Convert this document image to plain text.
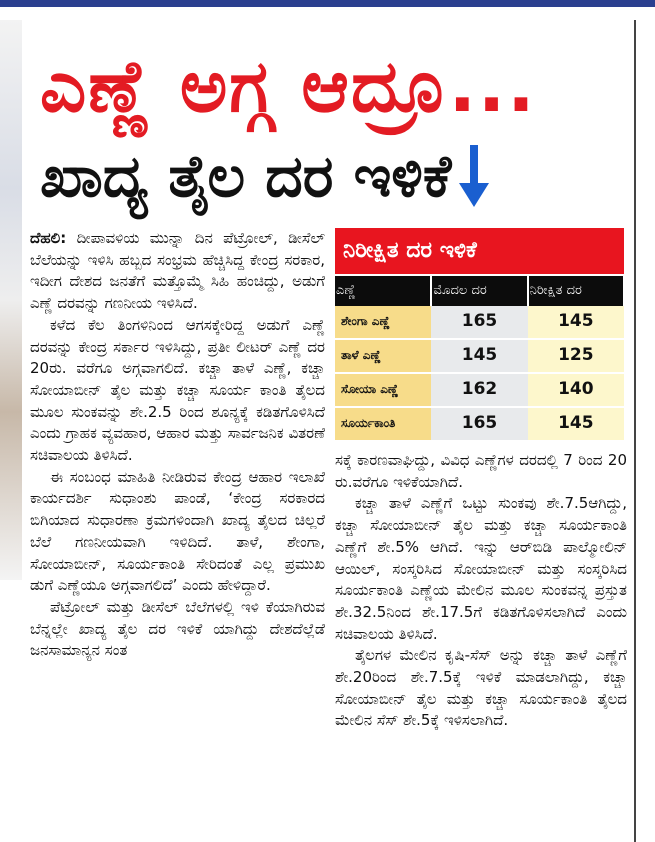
ಎಣ್ಣೆ ಅಗ್ಗ ಆದ್ರೂ...
ಖಾದ್ಯ ತೈಲ ದರ ಇಳಿಕೆ

ದೆಹಲಿ: ದೀಪಾವಳಿಯ ಮುನ್ನಾ ದಿನ ಪೆಟ್ರೋಲ್, ಡೀಸೆಲ್ ಬೆಲೆಯನ್ನು ಇಳಿಸಿ ಹಬ್ಬದ ಸಂಭ್ರಮ ಹೆಚ್ಚಿಸಿದ್ದ ಕೇಂದ್ರ ಸರಕಾರ, ಇದೀಗ ದೇಶದ ಜನತೆಗೆ ಮತ್ತೊಮ್ಮೆ ಸಿಹಿ ಹಂಚಿದ್ದು, ಅಡುಗೆ ಎಣ್ಣೆ ದರವನ್ನು ಗಣನೀಯ ಇಳಿಸಿದೆ.

ಕಳೆದ ಕೆಲ ತಿಂಗಳಿನಿಂದ ಆಗಸಕ್ಕೇರಿದ್ದ ಅಡುಗೆ ಎಣ್ಣೆ ದರವನ್ನು ಕೇಂದ್ರ ಸರ್ಕಾರ ಇಳಿಸಿದ್ದು, ಪ್ರತೀ ಲೀಟರ್ ಎಣ್ಣೆ ದರ 20ರು. ವರೆಗೂ ಅಗ್ಗವಾಗಲಿದೆ. ಕಚ್ಚಾ ತಾಳೆ ಎಣ್ಣೆ, ಕಚ್ಚಾ ಸೋಯಾಬೀನ್ ತೈಲ ಮತ್ತು ಕಚ್ಚಾ ಸೂರ್ಯ ಕಾಂತಿ ತೈಲದ ಮೂಲ ಸುಂಕವನ್ನು ಶೇ.2.5 ರಿಂದ ಶೂನ್ಯಕ್ಕೆ ಕಡಿತಗೊಳಿಸಿದೆ ಎಂದು ಗ್ರಾಹಕ ವ್ಯವಹಾರ, ಆಹಾರ ಮತ್ತು ಸಾರ್ವಜನಿಕ ವಿತರಣೆ ಸಚಿವಾಲಯ ತಿಳಿಸಿದೆ.

ಈ ಸಂಬಂಧ ಮಾಹಿತಿ ನೀಡಿರುವ ಕೇಂದ್ರ ಆಹಾರ ಇಲಾಖೆ ಕಾರ್ಯದರ್ಶಿ ಸುಧಾಂಶು ಪಾಂಡೆ, ‘ಕೇಂದ್ರ ಸರಕಾರದ ಬಿಗಿಯಾದ ಸುಧಾರಣಾ ಕ್ರಮಗಳಿಂದಾಗಿ ಖಾದ್ಯ ತೈಲದ ಚಿಲ್ಲರೆ ಬೆಲೆ ಗಣನೀಯವಾಗಿ ಇಳಿದಿದೆ. ತಾಳೆ, ಶೇಂಗಾ, ಸೋಯಾಬೀನ್, ಸೂರ್ಯಕಾಂತಿ ಸೇರಿದಂತೆ ಎಲ್ಲ ಪ್ರಮುಖ ಡುಗೆ ಎಣ್ಣೆಯೂ ಅಗ್ಗವಾಗಲಿದೆ’ ಎಂದು ಹೇಳಿದ್ದಾರೆ.

ಪೆಟ್ರೋಲ್ ಮತ್ತು ಡೀಸೆಲ್ ಬೆಲೆಗಳಲ್ಲಿ ಇಳಿ ಕೆಯಾಗಿರುವ ಬೆನ್ನಲ್ಲೇ ಖಾದ್ಯ ತೈಲ ದರ ಇಳಿಕೆ ಯಾಗಿದ್ದು ದೇಶದೆಲ್ಲೆಡೆ ಜನಸಾಮಾನ್ಯನ ಸಂತ

ನಿರೀಕ್ಷಿತ ದರ ಇಳಿಕೆ		
ಎಣ್ಣೆ	ಮೊದಲ ದರ	ನಿರೀಕ್ಷಿತ ದರ
ಶೇಂಗಾ ಎಣ್ಣೆ	165	145
ತಾಳೆ ಎಣ್ಣೆ	145	125
ಸೋಯಾ ಎಣ್ಣೆ	162	140
ಸೂರ್ಯಕಾಂತಿ	165	145

ಸಕ್ಕೆ ಕಾರಣವಾಘಿದ್ದು, ವಿವಿಧ ಎಣ್ಣೆಗಳ ದರದಲ್ಲಿ 7 ರಿಂದ 20 ರು.ವರೆಗೂ ಇಳಿಕೆಯಾಗಿದೆ.

ಕಚ್ಚಾ ತಾಳೆ ಎಣ್ಣೆಗೆ ಒಟ್ಟು ಸುಂಕವು ಶೇ.7.5ಆಗಿದ್ದು, ಕಚ್ಚಾ ಸೋಯಾಬೀನ್ ತೈಲ ಮತ್ತು ಕಚ್ಚಾ ಸೂರ್ಯಕಾಂತಿ ಎಣ್ಣೆಗೆ ಶೇ.5% ಆಗಿದೆ. ಇನ್ನು ಆರ್‌ಬಿಡಿ ಪಾಲ್ಮೋಲಿನ್ ಆಯಿಲ್, ಸಂಸ್ಕರಿಸಿದ ಸೋಯಾಬೀನ್ ಮತ್ತು ಸಂಸ್ಕರಿಸಿದ ಸೂರ್ಯಕಾಂತಿ ಎಣ್ಣೆಯ ಮೇಲಿನ ಮೂಲ ಸುಂಕವನ್ನ ಪ್ರಸ್ತುತ ಶೇ.32.5ನಿಂದ ಶೇ.17.5ಗೆ ಕಡಿತಗೊಳಿಸಲಾಗಿದೆ ಎಂದು ಸಚಿವಾಲಯ ತಿಳಿಸಿದೆ.

ತೈಲಗಳ ಮೇಲಿನ ಕೃಷಿ-ಸೆಸ್ ಅನ್ನು ಕಚ್ಚಾ ತಾಳೆ ಎಣ್ಣೆಗೆ ಶೇ.20ರಿಂದ ಶೇ.7.5ಕ್ಕೆ ಇಳಿಕೆ ಮಾಡಲಾಗಿದ್ದು, ಕಚ್ಚಾ ಸೋಯಾಬೀನ್ ತೈಲ ಮತ್ತು ಕಚ್ಚಾ ಸೂರ್ಯಕಾಂತಿ ತೈಲದ ಮೇಲಿನ ಸೆಸ್ ಶೇ.5ಕ್ಕೆ ಇಳಿಸಲಾಗಿದೆ.
